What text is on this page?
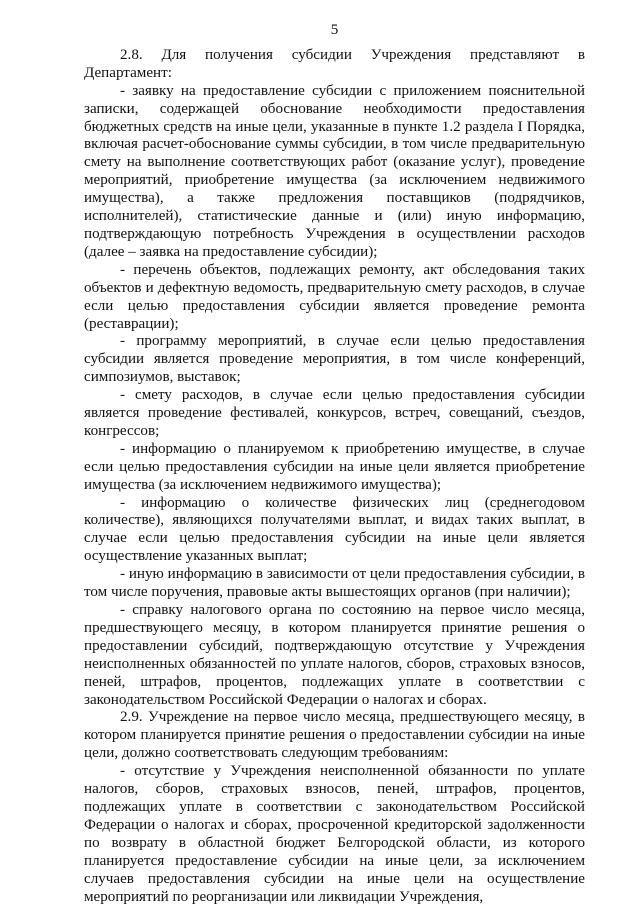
5

2.8. Для получения субсидии Учреждения представляют в Департамент:

- заявку на предоставление субсидии с приложением пояснительной записки, содержащей обоснование необходимости предоставления бюджетных средств на иные цели, указанные в пункте 1.2 раздела I Порядка, включая расчет-обоснование суммы субсидии, в том числе предварительную смету на выполнение соответствующих работ (оказание услуг), проведение мероприятий, приобретение имущества (за исключением недвижимого имущества), а также предложения поставщиков (подрядчиков, исполнителей), статистические данные и (или) иную информацию, подтверждающую потребность Учреждения в осуществлении расходов (далее – заявка на предоставление субсидии);

- перечень объектов, подлежащих ремонту, акт обследования таких объектов и дефектную ведомость, предварительную смету расходов, в случае если целью предоставления субсидии является проведение ремонта (реставрации);

- программу мероприятий, в случае если целью предоставления субсидии является проведение мероприятия, в том числе конференций, симпозиумов, выставок;

- смету расходов, в случае если целью предоставления субсидии является проведение фестивалей, конкурсов, встреч, совещаний, съездов, конгрессов;

- информацию о планируемом к приобретению имуществе, в случае если целью предоставления субсидии на иные цели является приобретение имущества (за исключением недвижимого имущества);

- информацию о количестве физических лиц (среднегодовом количестве), являющихся получателями выплат, и видах таких выплат, в случае если целью предоставления субсидии на иные цели является осуществление указанных выплат;

- иную информацию в зависимости от цели предоставления субсидии, в том числе поручения, правовые акты вышестоящих органов (при наличии);

- справку налогового органа по состоянию на первое число месяца, предшествующего месяцу, в котором планируется принятие решения о предоставлении субсидий, подтверждающую отсутствие у Учреждения неисполненных обязанностей по уплате налогов, сборов, страховых взносов, пеней, штрафов, процентов, подлежащих уплате в соответствии с законодательством Российской Федерации о налогах и сборах.

2.9. Учреждение на первое число месяца, предшествующего месяцу, в котором планируется принятие решения о предоставлении субсидии на иные цели, должно соответствовать следующим требованиям:

- отсутствие у Учреждения неисполненной обязанности по уплате налогов, сборов, страховых взносов, пеней, штрафов, процентов, подлежащих уплате в соответствии с законодательством Российской Федерации о налогах и сборах, просроченной кредиторской задолженности по возврату в областной бюджет Белгородской области, из которого планируется предоставление субсидии на иные цели, за исключением случаев предоставления субсидии на иные цели на осуществление мероприятий по реорганизации или ликвидации Учреждения,
